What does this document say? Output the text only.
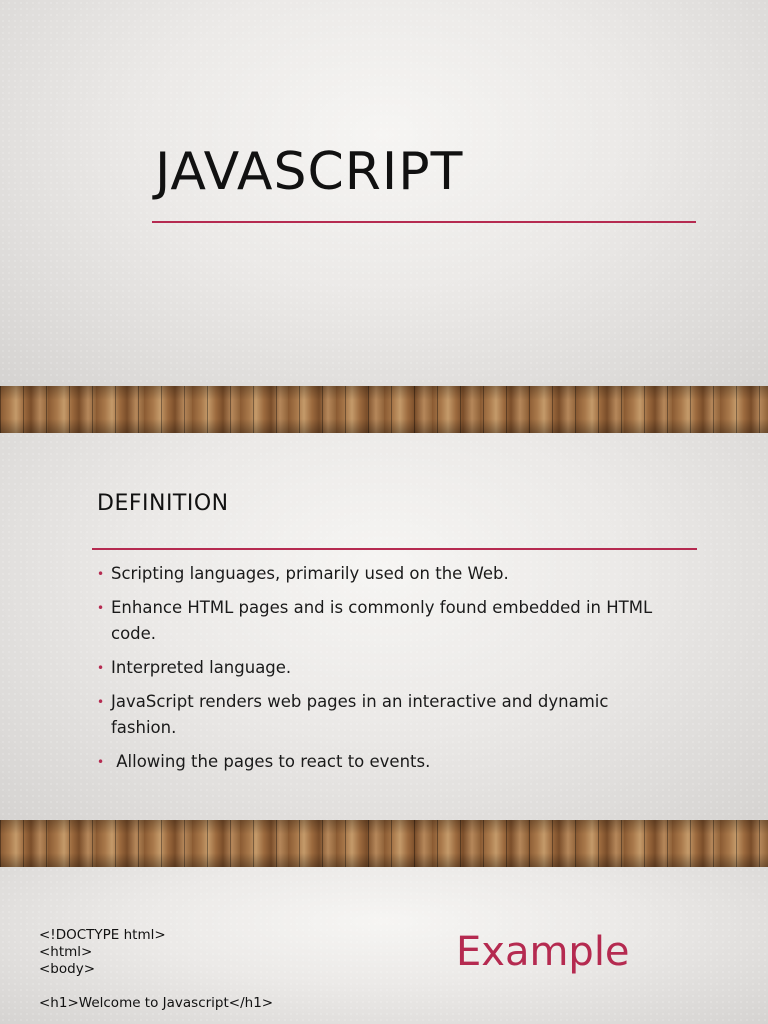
JAVASCRIPT
DEFINITION
• Scripting languages, primarily used on the Web.
• Enhance HTML pages and is commonly found embedded in HTML code.
• Interpreted language.
• JavaScript renders web pages in an interactive and dynamic fashion.
• Allowing the pages to react to events.
<!DOCTYPE html>
<html>
<body>
<h1>Welcome to Javascript</h1>
Example
